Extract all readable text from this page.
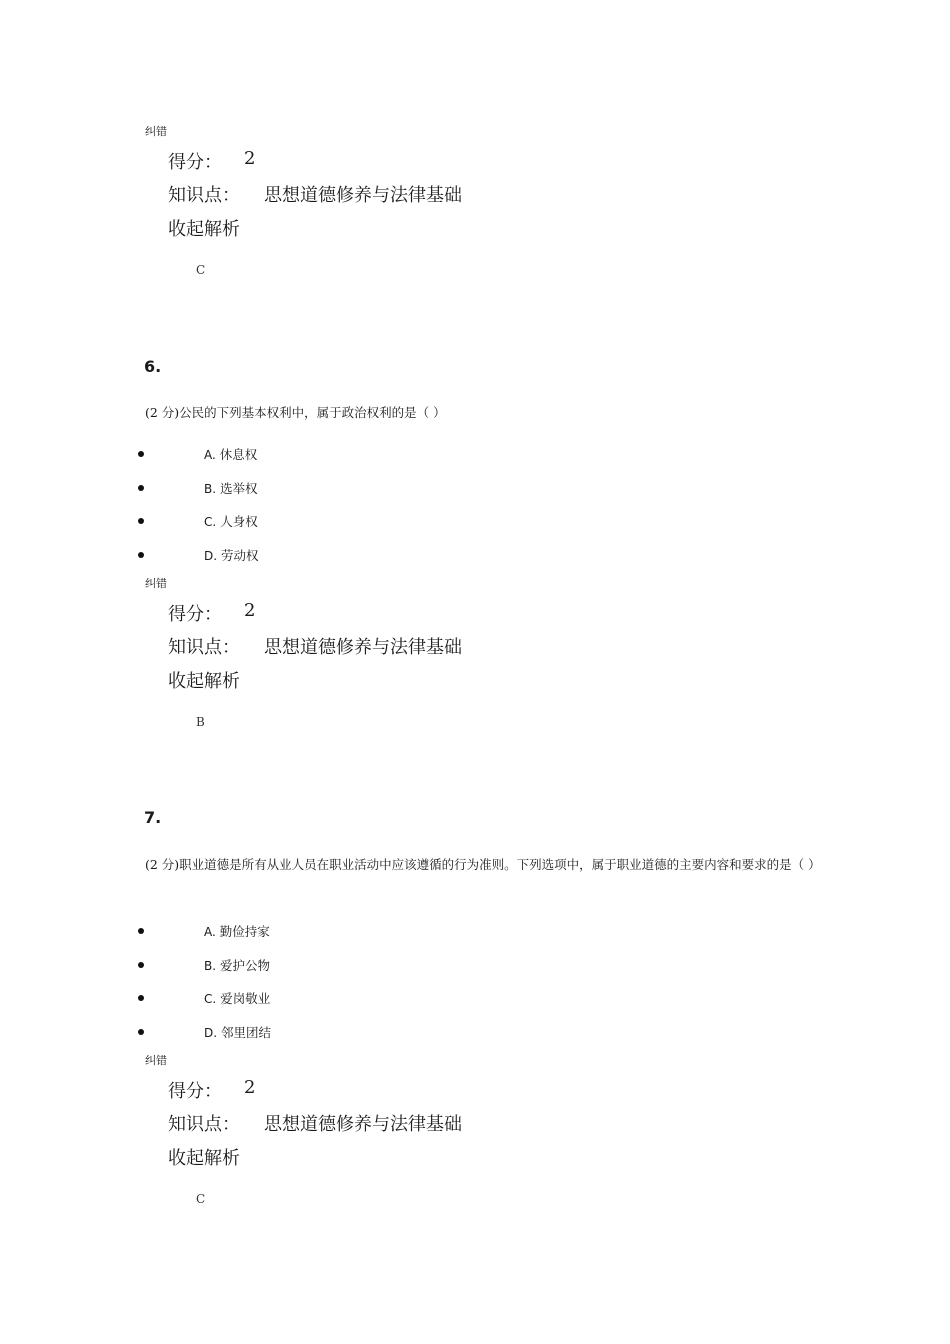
纠错
得分： 2
知识点： 思想道德修养与法律基础
收起解析
C
6.
(2 分)公民的下列基本权利中，属于政治权利的是（ ）
A. 休息权
B. 选举权
C. 人身权
D. 劳动权
纠错
得分： 2
知识点： 思想道德修养与法律基础
收起解析
B
7.
(2 分)职业道德是所有从业人员在职业活动中应该遵循的行为准则。下列选项中，属于职业道德的主要内容和要求的是（ ）
A. 勤俭持家
B. 爱护公物
C. 爱岗敬业
D. 邻里团结
纠错
得分： 2
知识点： 思想道德修养与法律基础
收起解析
C
